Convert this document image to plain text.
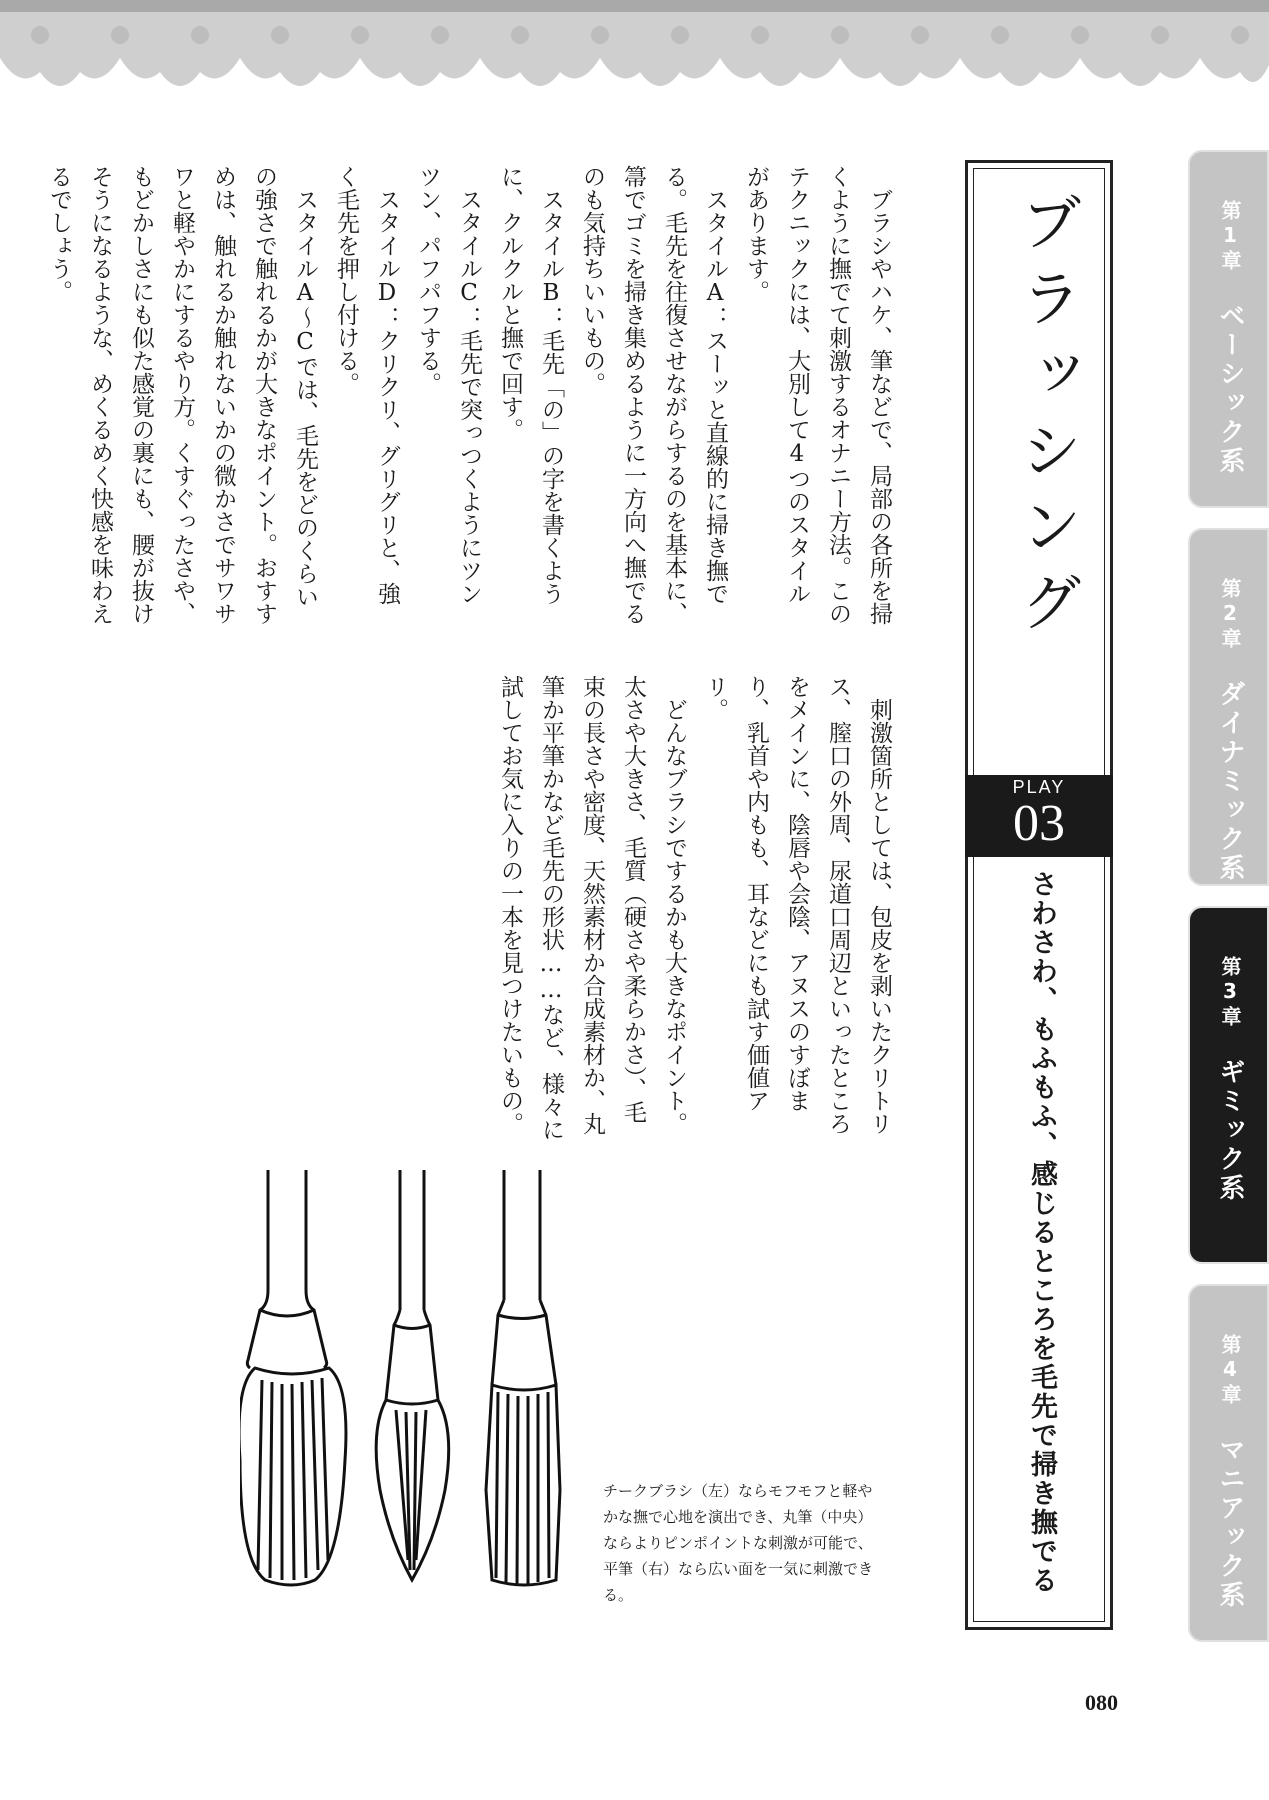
ブラッシング
PLAY
03
さわさわ、もふもふ、感じるところを毛先で掃き撫でる

ブラシやハケ、筆などで、局部の各所を掃くように撫でて刺激するオナニー方法。このテクニックには、大別して4つのスタイルがあります。

スタイルA：スーッと直線的に掃き撫でる。毛先を往復させながらするのを基本に、箒でゴミを掃き集めるように一方向へ撫でるのも気持ちいいもの。

スタイルB：毛先「の」の字を書くように、クルクルと撫で回す。

スタイルC：毛先で突っつくようにツンツン、パフパフする。

スタイルD：クリクリ、グリグリと、強く毛先を押し付ける。

スタイルA～Cでは、毛先をどのくらいの強さで触れるかが大きなポイント。おすすめは、触れるか触れないかの微かさでサワサワと軽やかにするやり方。くすぐったさや、もどかしさにも似た感覚の裏にも、腰が抜けそうになるような、めくるめく快感を味わえるでしょう。

刺激箇所としては、包皮を剥いたクリトリス、膣口の外周、尿道口周辺といったところをメインに、陰唇や会陰、アヌスのすぼまり、乳首や内もも、耳などにも試す価値アリ。

どんなブラシでするかも大きなポイント。太さや大きさ、毛質（硬さや柔らかさ）、毛束の長さや密度、天然素材か合成素材か、丸筆か平筆かなど毛先の形状……など、様々に試してお気に入りの一本を見つけたいもの。

チークブラシ（左）ならモフモフと軽やかな撫で心地を演出でき、丸筆（中央）ならよりピンポイントな刺激が可能で、平筆（右）なら広い面を一気に刺激できる。
第1章　ベーシック系
第2章　ダイナミック系
第3章　ギミック系
第4章　マニアック系
080
